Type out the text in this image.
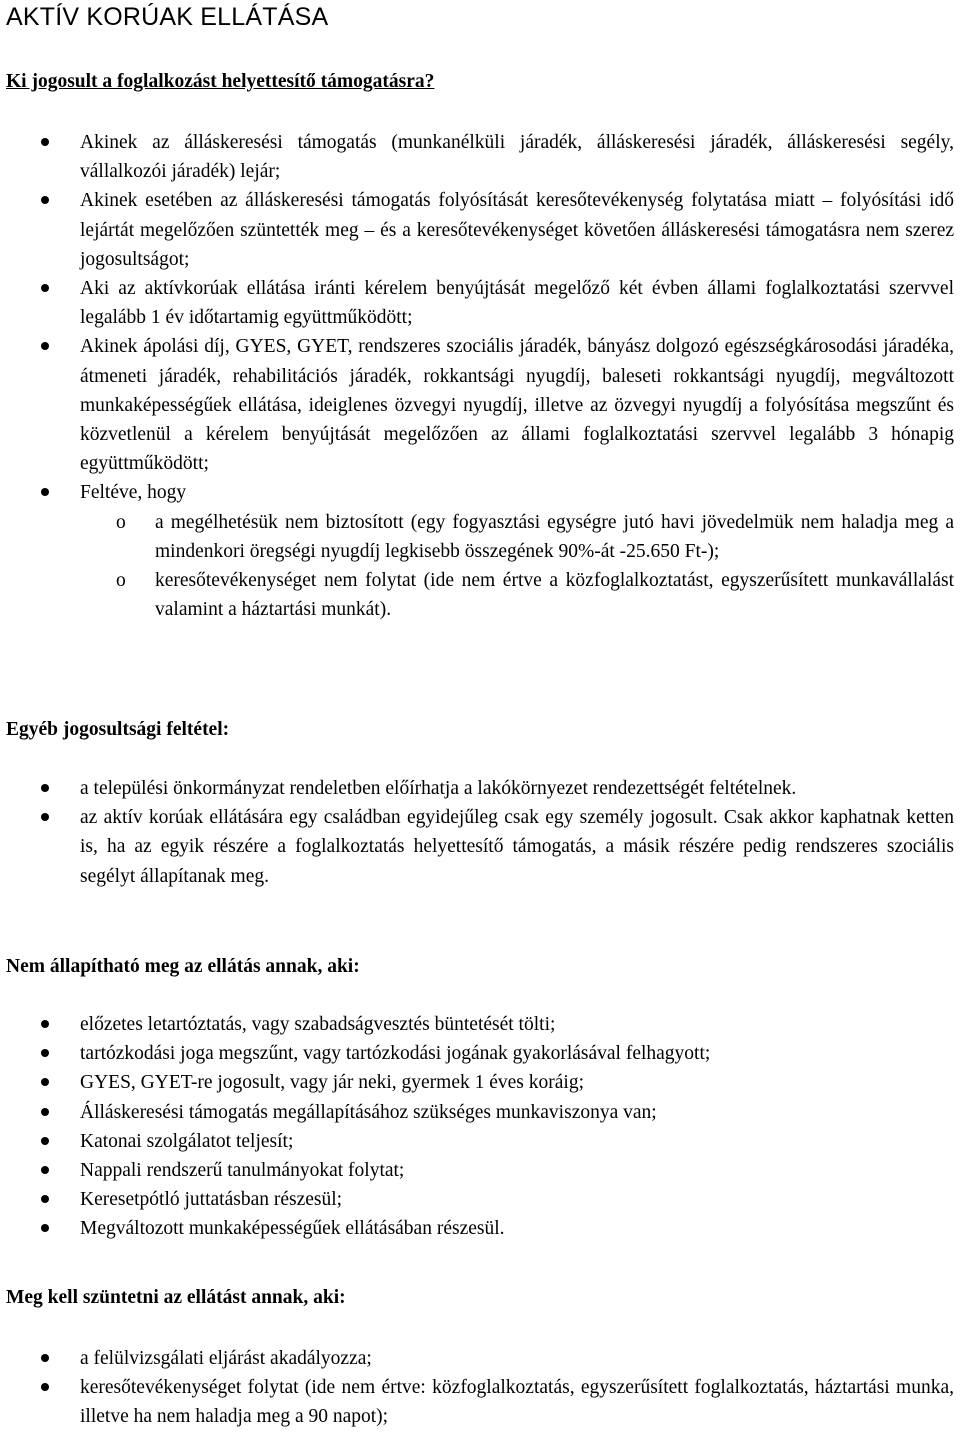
AKTÍV KORÚAK ELLÁTÁSA
Ki jogosult a foglalkozást helyettesítő támogatásra?
Akinek az álláskeresési támogatás (munkanélküli járadék, álláskeresési járadék, álláskeresési segély, vállalkozói járadék) lejár;
Akinek esetében az álláskeresési támogatás folyósítását keresőtevékenység folytatása miatt – folyósítási idő lejártát megelőzően szüntették meg – és a keresőtevékenységet követően álláskeresési támogatásra nem szerez jogosultságot;
Aki az aktívkorúak ellátása iránti kérelem benyújtását megelőző két évben állami foglalkoztatási szervvel legalább 1 év időtartamig együttműködött;
Akinek ápolási díj, GYES, GYET, rendszeres szociális járadék, bányász dolgozó egészségkárosodási járadéka, átmeneti járadék, rehabilitációs járadék, rokkantsági nyugdíj, baleseti rokkantsági nyugdíj, megváltozott munkaképességűek ellátása, ideiglenes özvegyi nyugdíj, illetve az özvegyi nyugdíj a folyósítása megszűnt és közvetlenül a kérelem benyújtását megelőzően az állami foglalkoztatási szervvel legalább 3 hónapig együttműködött;
Feltéve, hogy
o a megélhetésük nem biztosított (egy fogyasztási egységre jutó havi jövedelmük nem haladja meg a mindenkori öregségi nyugdíj legkisebb összegének 90%-át -25.650 Ft-);
o keresőtevékenységet nem folytat (ide nem értve a közfoglalkoztatást, egyszerűsített munkavállalást valamint a háztartási munkát).
Egyéb jogosultsági feltétel:
a települési önkormányzat rendeletben előírhatja a lakókörnyezet rendezettségét feltételnek.
az aktív korúak ellátására egy családban egyidejűleg csak egy személy jogosult. Csak akkor kaphatnak ketten is, ha az egyik részére a foglalkoztatás helyettesítő támogatás, a másik részére pedig rendszeres szociális segélyt állapítanak meg.
Nem állapítható meg az ellátás annak, aki:
előzetes letartóztatás, vagy szabadságvesztés büntetését tölti;
tartózkodási joga megszűnt, vagy tartózkodási jogának gyakorlásával felhagyott;
GYES, GYET-re jogosult, vagy jár neki, gyermek 1 éves koráig;
Álláskeresési támogatás megállapításához szükséges munkaviszonya van;
Katonai szolgálatot teljesít;
Nappali rendszerű tanulmányokat folytat;
Keresetpótló juttatásban részesül;
Megváltozott munkaképességűek ellátásában részesül.
Meg kell szüntetni az ellátást annak, aki:
a felülvizsgálati eljárást akadályozza;
keresőtevékenységet folytat (ide nem értve: közfoglalkoztatás, egyszerűsített foglalkoztatás, háztartási munka, illetve ha nem haladja meg a 90 napot);
